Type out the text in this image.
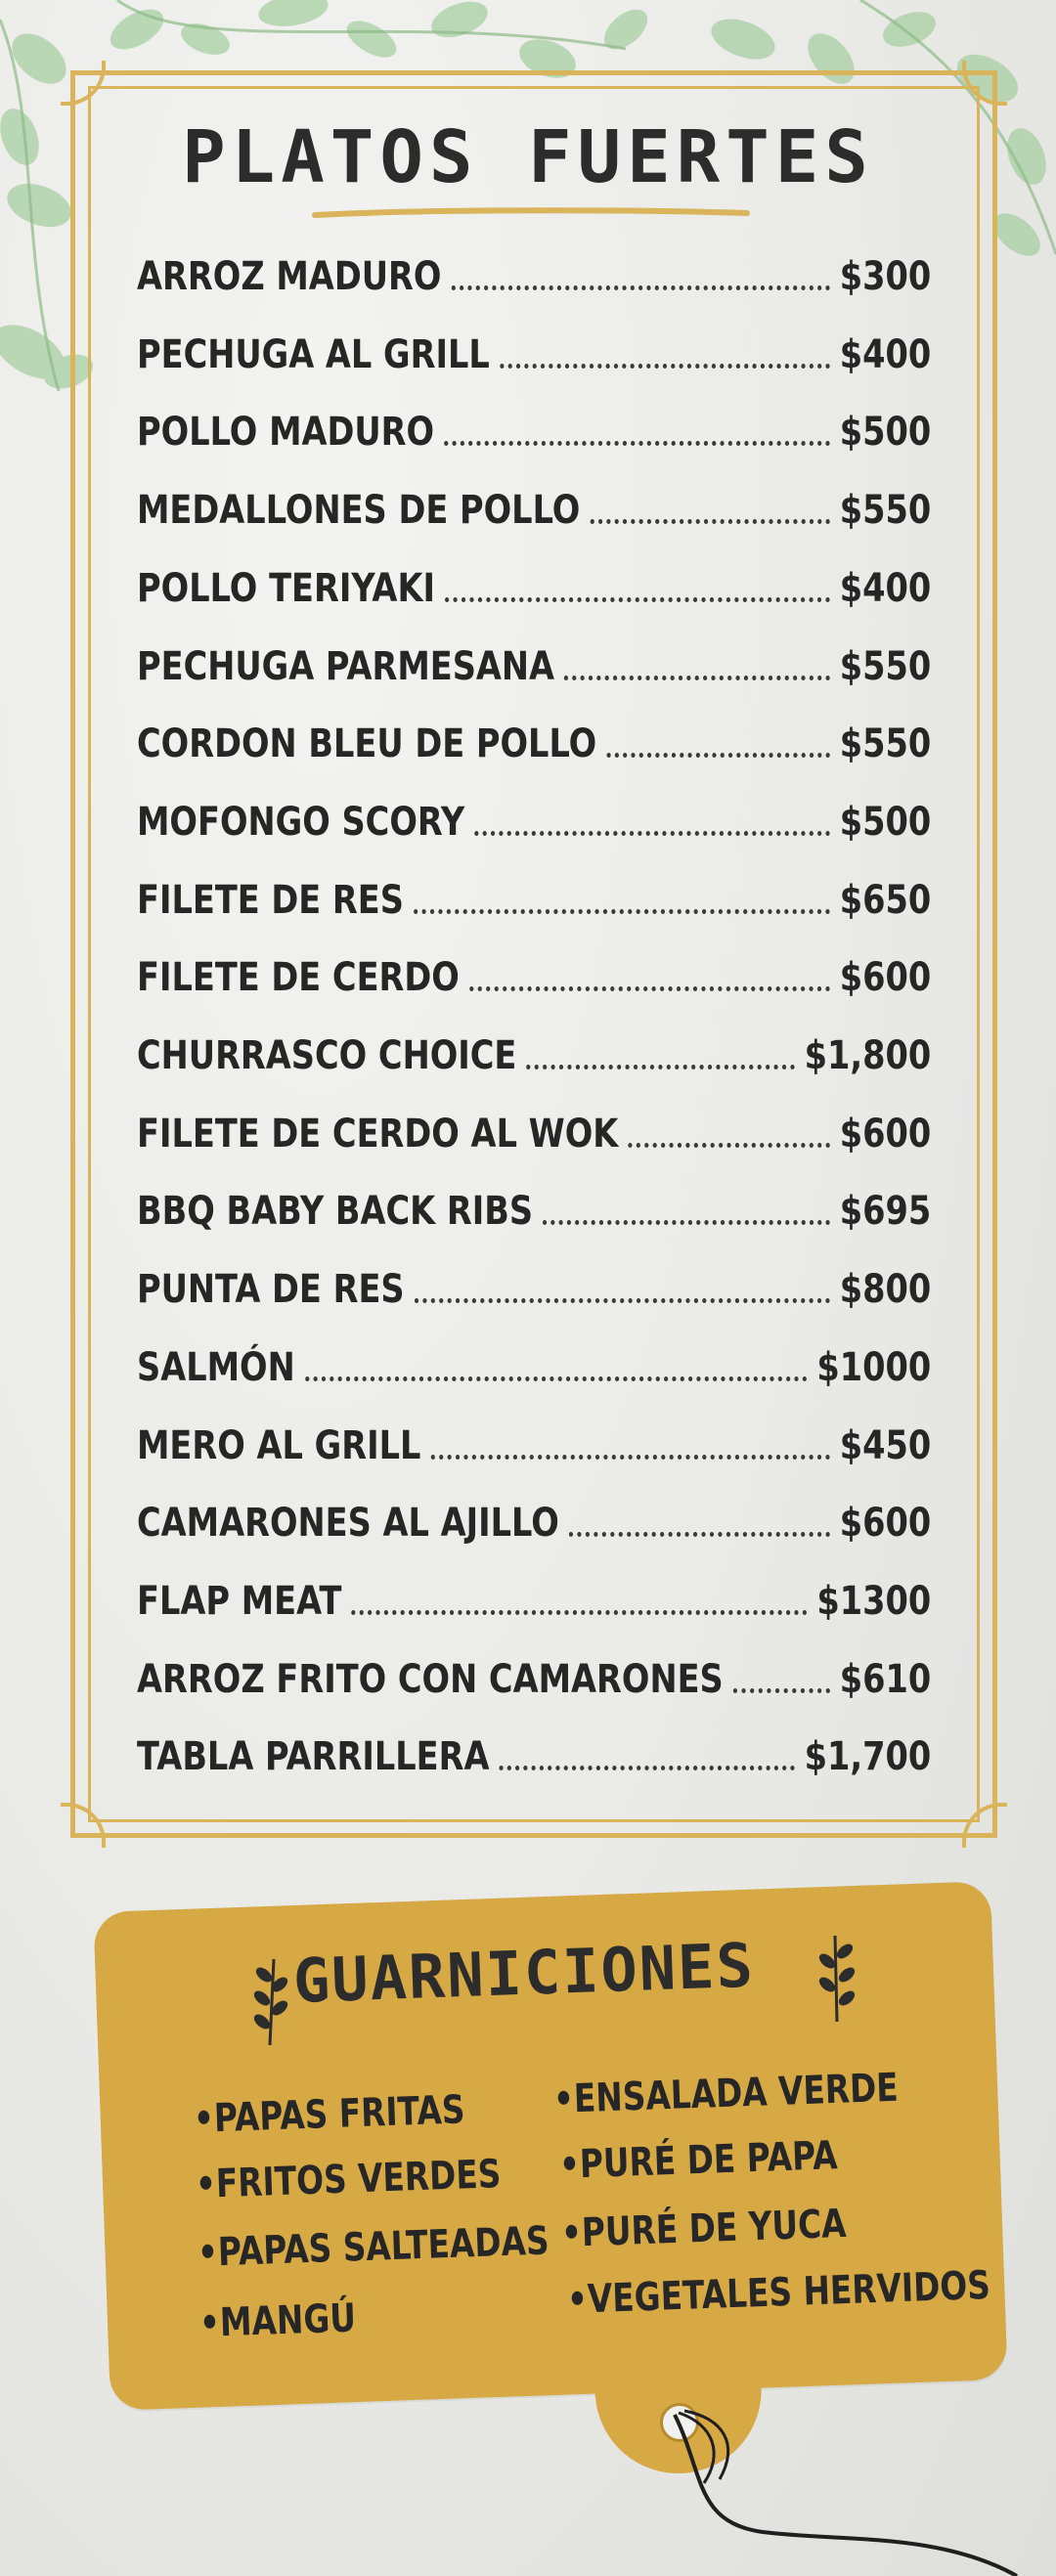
PLATOS FUERTES
ARROZ MADURO	$300
PECHUGA AL GRILL	$400
POLLO MADURO	$500
MEDALLONES DE POLLO	$550
POLLO TERIYAKI	$400
PECHUGA PARMESANA	$550
CORDON BLEU DE POLLO	$550
MOFONGO SCORY	$500
FILETE DE RES	$650
FILETE DE CERDO	$600
CHURRASCO CHOICE	$1,800
FILETE DE CERDO AL WOK	$600
BBQ BABY BACK RIBS	$695
PUNTA DE RES	$800
SALMÓN	$1000
MERO AL GRILL	$450
CAMARONES AL AJILLO	$600
FLAP MEAT	$1300
ARROZ FRITO CON CAMARONES	$610
TABLA PARRILLERA	$1,700
GUARNICIONES
•PAPAS FRITAS
•FRITOS VERDES
•PAPAS SALTEADAS
•MANGÚ
•ENSALADA VERDE
•PURÉ DE PAPA
•PURÉ DE YUCA
•VEGETALES HERVIDOS
